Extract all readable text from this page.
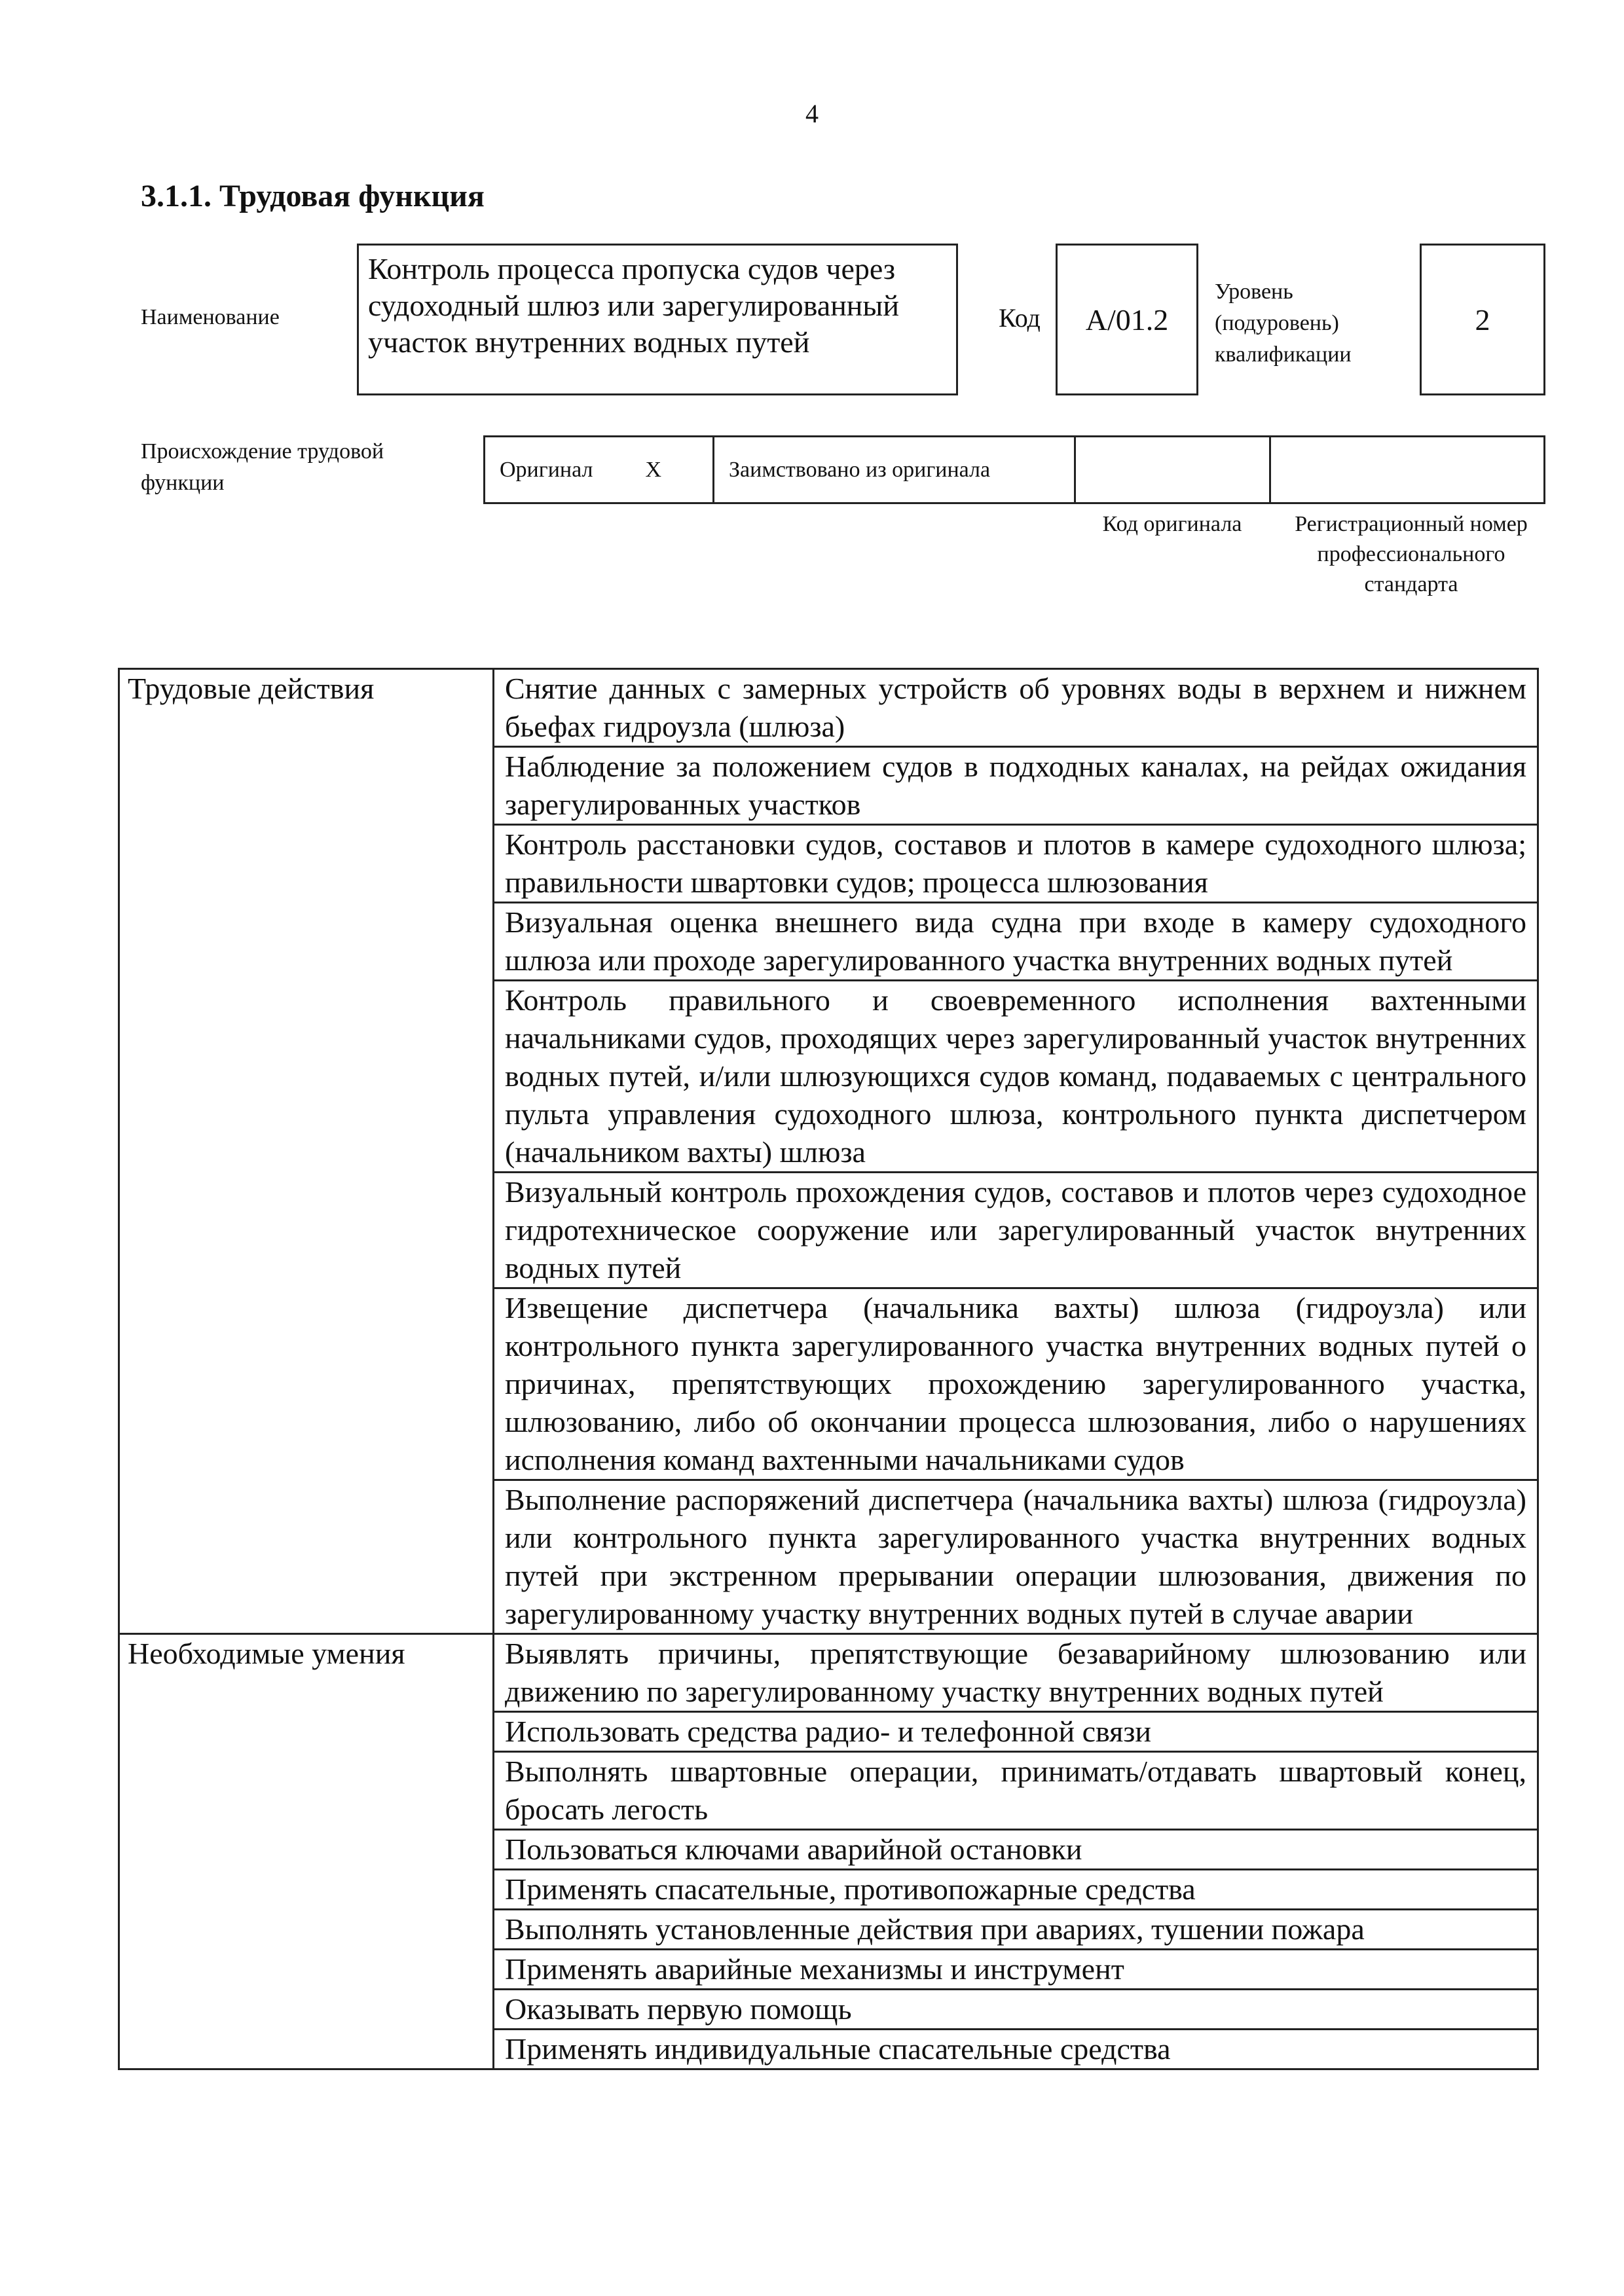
4
3.1.1. Трудовая функция
Наименование
Контроль процесса пропуска судов через судоходный шлюз или зарегулированный участок внутренних водных путей
Код А/01.2
Уровень (подуровень) квалификации
2
Происхождение трудовой функции
Оригинал X	Заимствовано из оригинала
Код оригинала	Регистрационный номер профессионального стандарта
Трудовые действия	Снятие данных с замерных устройств об уровнях воды в верхнем и нижнем бьефах гидроузла (шлюза)
	Наблюдение за положением судов в подходных каналах, на рейдах ожидания зарегулированных участков
	Контроль расстановки судов, составов и плотов в камере судоходного шлюза; правильности швартовки судов; процесса шлюзования
	Визуальная оценка внешнего вида судна при входе в камеру судоходного шлюза или проходе зарегулированного участка внутренних водных путей
	Контроль правильного и своевременного исполнения вахтенными начальниками судов, проходящих через зарегулированный участок внутренних водных путей, и/или шлюзующихся судов команд, подаваемых с центрального пульта управления судоходного шлюза, контрольного пункта диспетчером (начальником вахты) шлюза
	Визуальный контроль прохождения судов, составов и плотов через судоходное гидротехническое сооружение или зарегулированный участок внутренних водных путей
	Извещение диспетчера (начальника вахты) шлюза (гидроузла) или контрольного пункта зарегулированного участка внутренних водных путей о причинах, препятствующих прохождению зарегулированного участка, шлюзованию, либо об окончании процесса шлюзования, либо о нарушениях исполнения команд вахтенными начальниками судов
	Выполнение распоряжений диспетчера (начальника вахты) шлюза (гидроузла) или контрольного пункта зарегулированного участка внутренних водных путей при экстренном прерывании операции шлюзования, движения по зарегулированному участку внутренних водных путей в случае аварии
Необходимые умения	Выявлять причины, препятствующие безаварийному шлюзованию или движению по зарегулированному участку внутренних водных путей
	Использовать средства радио- и телефонной связи
	Выполнять швартовные операции, принимать/отдавать швартовый конец, бросать легость
	Пользоваться ключами аварийной остановки
	Применять спасательные, противопожарные средства
	Выполнять установленные действия при авариях, тушении пожара
	Применять аварийные механизмы и инструмент
	Оказывать первую помощь
	Применять индивидуальные спасательные средства
